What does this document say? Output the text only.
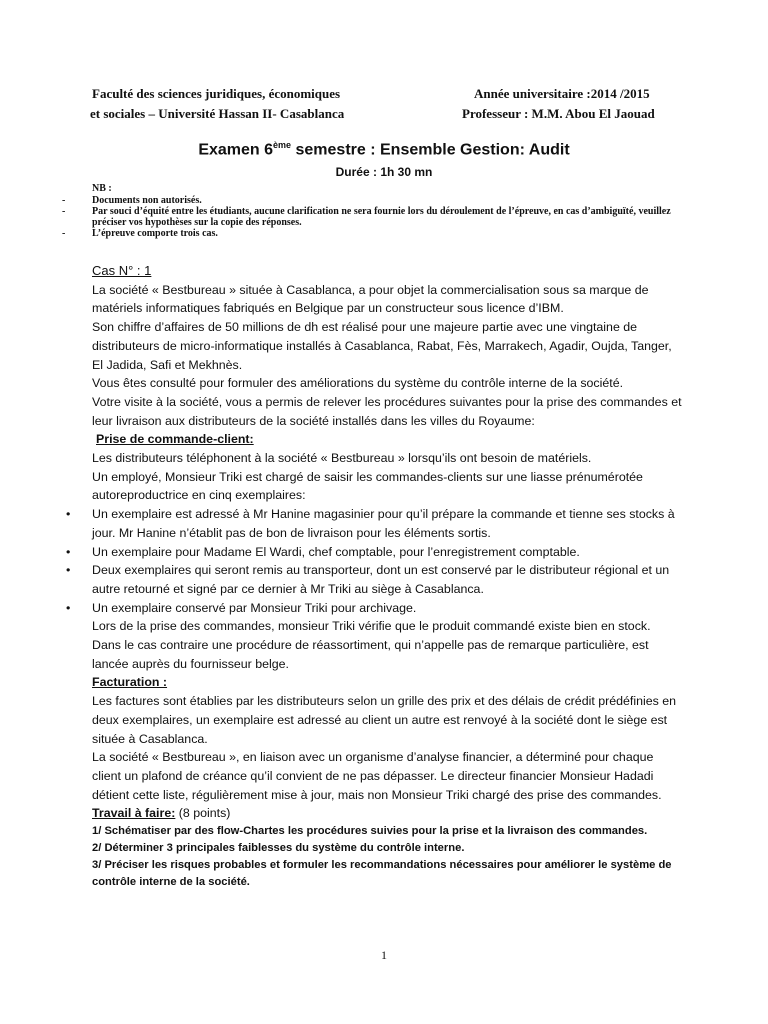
Faculté des sciences juridiques, économiques
et sociales – Université Hassan II- Casablanca
Année universitaire :2014 /2015
Professeur : M.M. Abou El Jaouad
Examen 6ème semestre : Ensemble Gestion: Audit
Durée : 1h 30 mn
NB :
-	Documents non autorisés.
-	Par souci d’équité entre les étudiants, aucune clarification ne sera fournie lors du déroulement de l’épreuve, en cas d’ambiguïté, veuillez préciser vos hypothèses sur la copie des réponses.
-	L’épreuve comporte trois cas.

Cas N° : 1

La société « Bestbureau » située à Casablanca, a pour objet la commercialisation sous sa marque de matériels informatiques fabriqués en Belgique par un constructeur sous licence d’IBM.

Son chiffre d’affaires de 50 millions de dh est réalisé pour une majeure partie avec une vingtaine de distributeurs de micro-informatique installés à Casablanca, Rabat, Fès, Marrakech, Agadir, Oujda, Tanger, El Jadida, Safi et Mekhnès.

Vous êtes consulté pour formuler des améliorations du système du contrôle interne de la société.

Votre visite à la société, vous a permis de relever les procédures suivantes pour la prise des commandes et leur livraison aux distributeurs de la société installés dans les villes du Royaume:

Prise de commande-client:

Les distributeurs téléphonent à la société « Bestbureau » lorsqu’ils ont besoin de matériels.

Un employé, Monsieur Triki est chargé de saisir les commandes-clients sur une liasse prénumérotée autoreproductrice en cinq exemplaires:

• Un exemplaire est adressé à Mr Hanine magasinier pour qu’il prépare la commande et tienne ses stocks à jour. Mr Hanine n’établit pas de bon de livraison pour les éléments sortis.

• Un exemplaire pour Madame El Wardi, chef comptable, pour l’enregistrement comptable.

• Deux exemplaires qui seront remis au transporteur, dont un est conservé par le distributeur régional et un autre retourné et signé par ce dernier à Mr Triki au siège à Casablanca.

• Un exemplaire conservé par Monsieur Triki pour archivage.

Lors de la prise des commandes, monsieur Triki vérifie que le produit commandé existe bien en stock. Dans le cas contraire une procédure de réassortiment, qui n’appelle pas de remarque particulière, est lancée auprès du fournisseur belge.

Facturation :

Les factures sont établies par les distributeurs selon un grille des prix et des délais de crédit prédéfinies en deux exemplaires, un exemplaire est adressé au client un autre est renvoyé à la société dont le siège est située à Casablanca.

La société « Bestbureau », en liaison avec un organisme d’analyse financier, a déterminé pour chaque client un plafond de créance qu’il convient de ne pas dépasser. Le directeur financier Monsieur Hadadi détient cette liste, régulièrement mise à jour, mais non Monsieur Triki chargé des prise des commandes.

Travail à faire: (8 points)

1/ Schématiser par des flow-Chartes les procédures suivies pour la prise et la livraison des commandes.

2/ Déterminer 3 principales faiblesses du système du contrôle interne.

3/ Préciser les risques probables et formuler les recommandations nécessaires pour améliorer le système de contrôle interne de la société.

1
